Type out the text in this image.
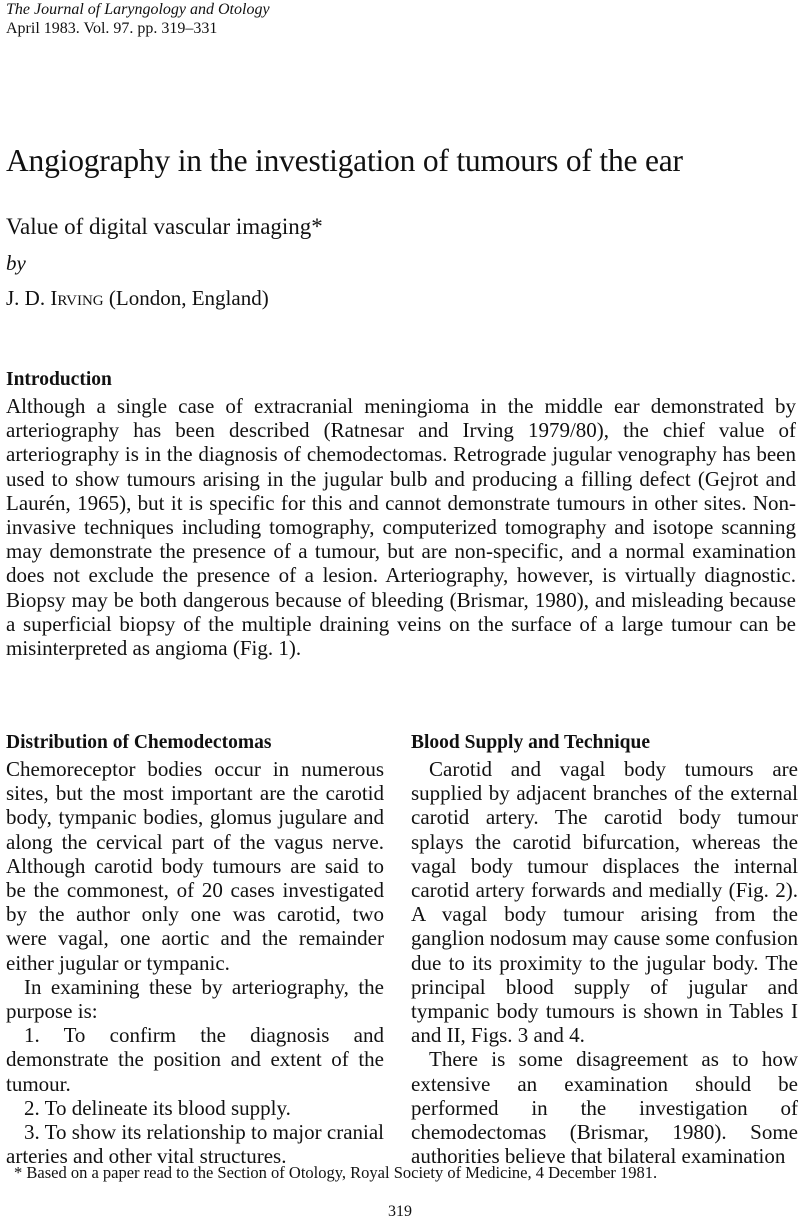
The Journal of Laryngology and Otology
April 1983. Vol. 97. pp. 319–331
Angiography in the investigation of tumours of the ear
Value of digital vascular imaging*
by
J. D. Irving (London, England)
Introduction
Although a single case of extracranial meningioma in the middle ear demonstrated by arteriography has been described (Ratnesar and Irving 1979/80), the chief value of arteriography is in the diagnosis of chemodectomas. Retrograde jugular venography has been used to show tumours arising in the jugular bulb and producing a filling defect (Gejrot and Laurén, 1965), but it is specific for this and cannot demonstrate tumours in other sites. Non-invasive techniques including tomography, computerized tomography and isotope scanning may demonstrate the presence of a tumour, but are non-specific, and a normal examination does not exclude the presence of a lesion. Arteriography, however, is virtually diagnostic. Biopsy may be both dangerous because of bleeding (Brismar, 1980), and misleading because a superficial biopsy of the multiple draining veins on the surface of a large tumour can be misinterpreted as angioma (Fig. 1).
Distribution of Chemodectomas

Chemoreceptor bodies occur in numerous sites, but the most important are the carotid body, tympanic bodies, glomus jugulare and along the cervical part of the vagus nerve. Although carotid body tumours are said to be the commonest, of 20 cases investigated by the author only one was carotid, two were vagal, one aortic and the remainder either jugular or tympanic.

In examining these by arteriography, the purpose is:

1. To confirm the diagnosis and demonstrate the position and extent of the tumour.

2. To delineate its blood supply.

3. To show its relationship to major cranial arteries and other vital structures.

Blood Supply and Technique

Carotid and vagal body tumours are supplied by adjacent branches of the external carotid artery. The carotid body tumour splays the carotid bifurcation, whereas the vagal body tumour displaces the internal carotid artery forwards and medially (Fig. 2). A vagal body tumour arising from the ganglion nodosum may cause some confusion due to its proximity to the jugular body. The principal blood supply of jugular and tympanic body tumours is shown in Tables I and II, Figs. 3 and 4.

There is some disagreement as to how extensive an examination should be performed in the investigation of chemodectomas (Brismar, 1980). Some authorities believe that bilateral examination

* Based on a paper read to the Section of Otology, Royal Society of Medicine, 4 December 1981.
319
